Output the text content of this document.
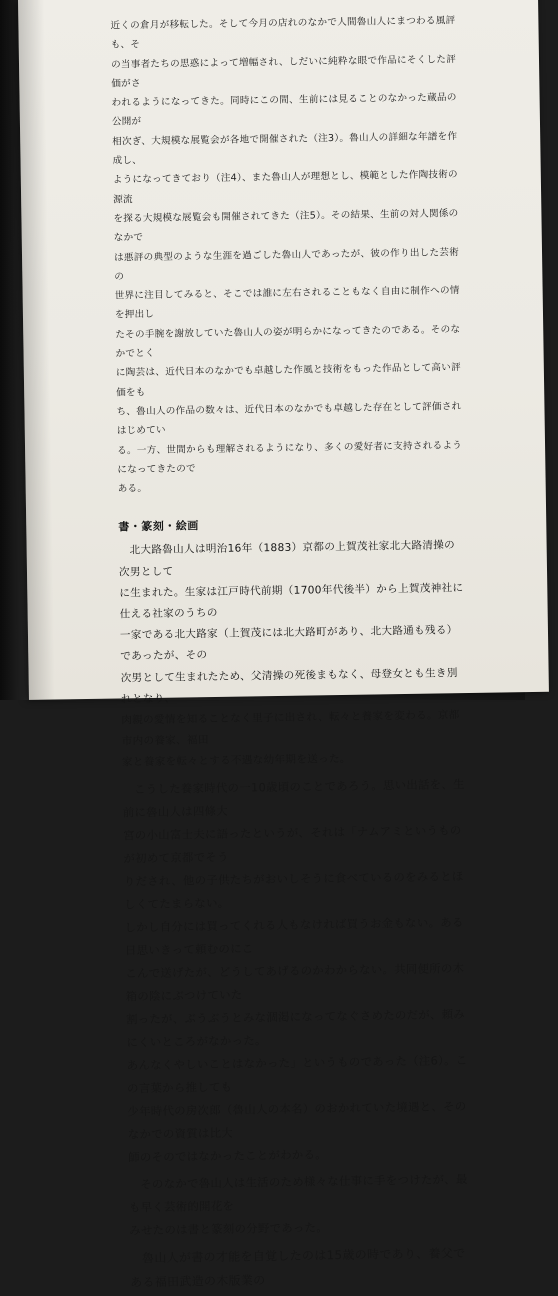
近くの倉月が移転した。そして今月の店れのなかで人間魯山人にまつわる風評も、そ

の当事者たちの思惑によって増幅され、しだいに純粋な眼で作品にそくした評価がさ

われるようになってきた。同時にこの間、生前には見ることのなかった蔵品の公開が

相次ぎ、大規模な展覧会が各地で開催された（注3）。魯山人の詳細な年譜を作成し、

ようになってきており（注4）、また魯山人が理想とし、模範とした作陶技術の源流

を探る大規模な展覧会も開催されてきた（注5）。その結果、生前の対人関係のなかで

は悪評の典型のような生涯を過ごした魯山人であったが、彼の作り出した芸術の

世界に注目してみると、そこでは誰に左右されることもなく自由に制作への情を押出し

たその手腕を謝放していた魯山人の姿が明らかになってきたのである。そのなかでとく

に陶芸は、近代日本のなかでも卓越した作風と技術をもった作品として高い評価をも

ち、魯山人の作品の数々は、近代日本のなかでも卓越した存在として評価されはじめてい

る。一方、世間からも理解されるようになり、多くの愛好者に支持されるようになってきたので

ある。

書・篆刻・絵画

　北大路魯山人は明治16年（1883）京都の上賀茂社家北大路清操の次男として

に生まれた。生家は江戸時代前期（1700年代後半）から上賀茂神社に仕える社家のうちの

一家である北大路家（上賀茂には北大路町があり、北大路通も残る）であったが、その

次男として生まれたため、父清操の死後まもなく、母登女とも生き別れとなり、

肉親の愛情を知ることなく里子に出され、転々と養家を変わる。京都市内の養家、福田

家と養家を転々とする不遇な幼年期を送った。

　こうした養家時代の一10歳頃のことであろう。思い出話を、生前に魯山人は四條大

宮の小山富士夫に語ったというが、それは「ナムアミというものが初めて京都でそう

りだされ、他の子供たちがおいしそうに食べているのをみるとほしくてたまらない。

しかし自分には買ってくれる人もなければ買うお金もない。ある日思いきって頼むのにこ

こんで送げたが、どうしてあげるのかわからない。共同便所の木箱の陰にぶつけていた

割ったが、ぶうぶうとみな涸渇になってなぐさめたのだが、頼みにくいところがなかった。

あんなくやしいことはなかった」というものであった（注6）。この言葉から推しても

少年時代の房次郎（魯山人の本名）のおかれていた境遇と、そのなかでの資質は比大

師のそのではなかったことがわかる。

　そのなかで魯山人は生活のため様々な仕事に手をつけたが、最も早く芸術的開花を

みせたのは書と篆刻の分野であった。

　魯山人が書の才能を自覚したのは15歳の時であり、養父である福田武造の木版業の
